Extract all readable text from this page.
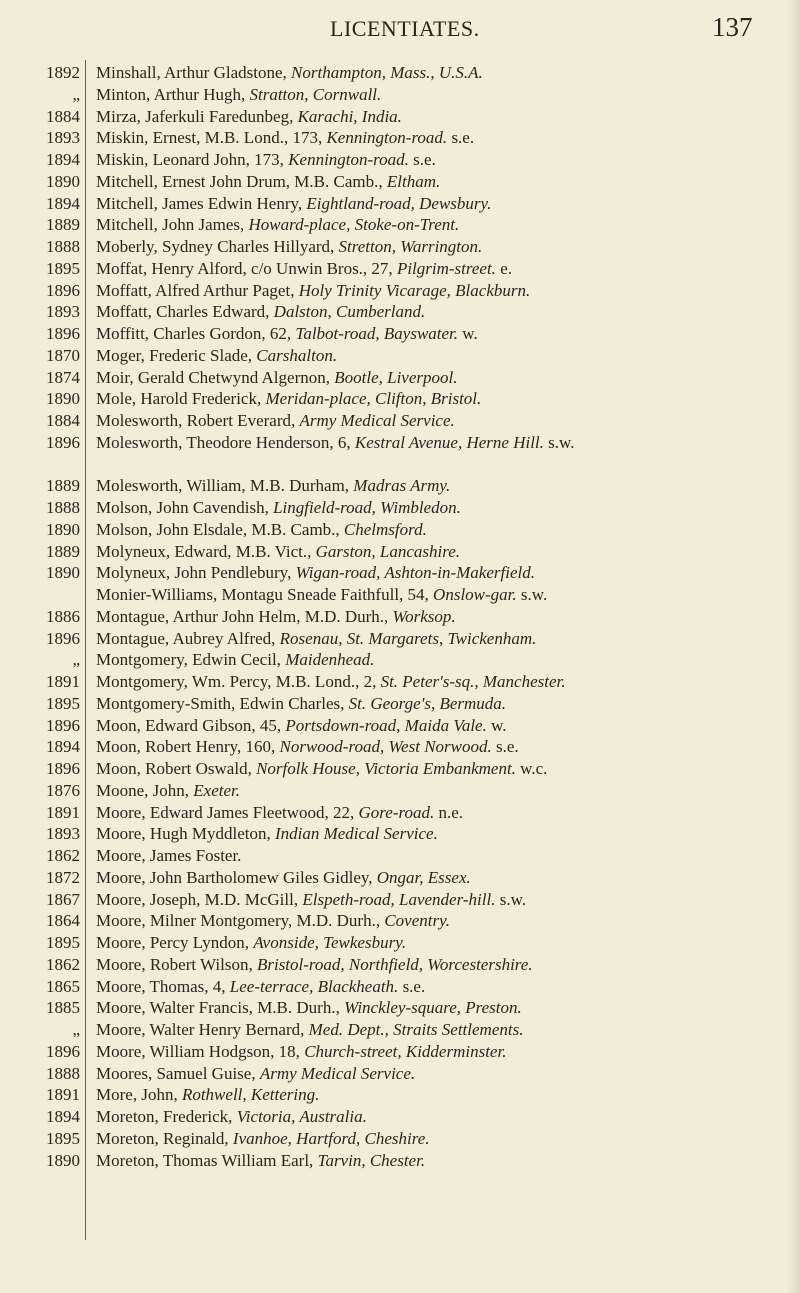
LICENTIATES.	137
1892 Minshall, Arthur Gladstone, Northampton, Mass., U.S.A.
„ Minton, Arthur Hugh, Stratton, Cornwall.
1884 Mirza, Jaferkuli Faredunbeg, Karachi, India.
1893 Miskin, Ernest, M.B. Lond., 173, Kennington-road. s.e.
1894 Miskin, Leonard John, 173, Kennington-road. s.e.
1890 Mitchell, Ernest John Drum, M.B. Camb., Eltham.
1894 Mitchell, James Edwin Henry, Eightland-road, Dewsbury.
1889 Mitchell, John James, Howard-place, Stoke-on-Trent.
1888 Moberly, Sydney Charles Hillyard, Stretton, Warrington.
1895 Moffat, Henry Alford, c/o Unwin Bros., 27, Pilgrim-street. e.
1896 Moffatt, Alfred Arthur Paget, Holy Trinity Vicarage, Blackburn.
1893 Moffatt, Charles Edward, Dalston, Cumberland.
1896 Moffitt, Charles Gordon, 62, Talbot-road, Bayswater. w.
1870 Moger, Frederic Slade, Carshalton.
1874 Moir, Gerald Chetwynd Algernon, Bootle, Liverpool.
1890 Mole, Harold Frederick, Meridan-place, Clifton, Bristol.
1884 Molesworth, Robert Everard, Army Medical Service.
1896 Molesworth, Theodore Henderson, 6, Kestral Avenue, Herne Hill. s.w.
1889 Molesworth, William, M.B. Durham, Madras Army.
1888 Molson, John Cavendish, Lingfield-road, Wimbledon.
1890 Molson, John Elsdale, M.B. Camb., Chelmsford.
1889 Molyneux, Edward, M.B. Vict., Garston, Lancashire.
1890 Molyneux, John Pendlebury, Wigan-road, Ashton-in-Makerfield.
Monier-Williams, Montagu Sneade Faithfull, 54, Onslow-gar. s.w.
1886 Montague, Arthur John Helm, M.D. Durh., Worksop.
1896 Montague, Aubrey Alfred, Rosenau, St. Margarets, Twickenham.
„ Montgomery, Edwin Cecil, Maidenhead.
1891 Montgomery, Wm. Percy, M.B. Lond., 2, St. Peter's-sq., Manchester.
1895 Montgomery-Smith, Edwin Charles, St. George's, Bermuda.
1896 Moon, Edward Gibson, 45, Portsdown-road, Maida Vale. w.
1894 Moon, Robert Henry, 160, Norwood-road, West Norwood. s.e.
1896 Moon, Robert Oswald, Norfolk House, Victoria Embankment. w.c.
1876 Moone, John, Exeter.
1891 Moore, Edward James Fleetwood, 22, Gore-road. n.e.
1893 Moore, Hugh Myddleton, Indian Medical Service.
1862 Moore, James Foster.
1872 Moore, John Bartholomew Giles Gidley, Ongar, Essex.
1867 Moore, Joseph, M.D. McGill, Elspeth-road, Lavender-hill. s.w.
1864 Moore, Milner Montgomery, M.D. Durh., Coventry.
1895 Moore, Percy Lyndon, Avonside, Tewkesbury.
1862 Moore, Robert Wilson, Bristol-road, Northfield, Worcestershire.
1865 Moore, Thomas, 4, Lee-terrace, Blackheath. s.e.
1885 Moore, Walter Francis, M.B. Durh., Winckley-square, Preston.
„ Moore, Walter Henry Bernard, Med. Dept., Straits Settlements.
1896 Moore, William Hodgson, 18, Church-street, Kidderminster.
1888 Moores, Samuel Guise, Army Medical Service.
1891 More, John, Rothwell, Kettering.
1894 Moreton, Frederick, Victoria, Australia.
1895 Moreton, Reginald, Ivanhoe, Hartford, Cheshire.
1890 Moreton, Thomas William Earl, Tarvin, Chester.
